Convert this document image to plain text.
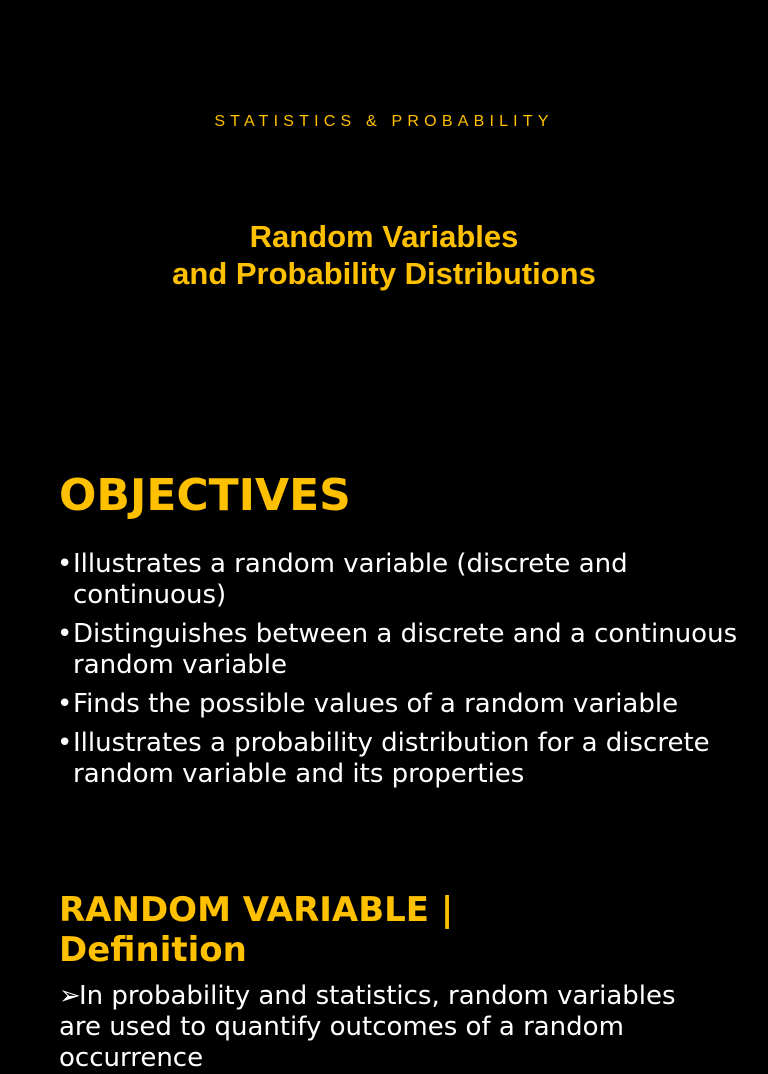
STATISTICS & PROBABILITY
Random Variables
and Probability Distributions
OBJECTIVES
• Illustrates a random variable (discrete and continuous)
• Distinguishes between a discrete and a continuous random variable
• Finds the possible values of a random variable
• Illustrates a probability distribution for a discrete random variable and its properties
RANDOM VARIABLE |
Definition

➢In probability and statistics, random variables are used to quantify outcomes of a random occurrence
